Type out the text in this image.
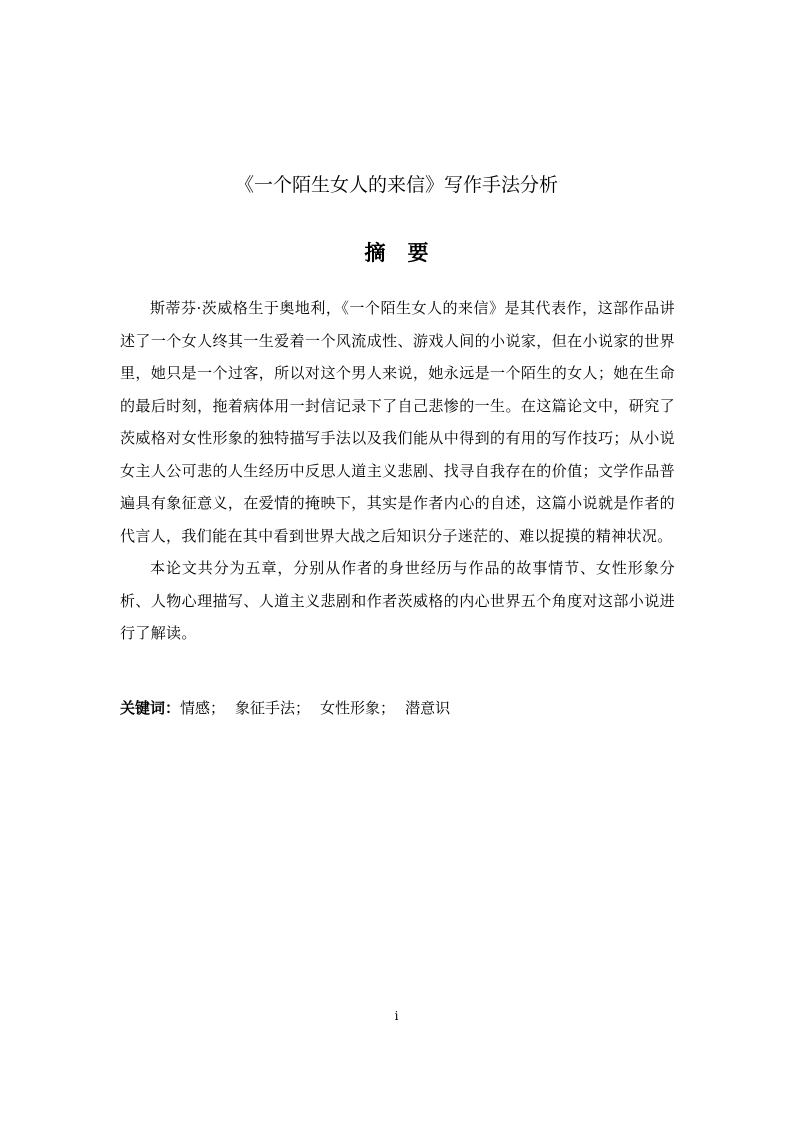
《一个陌生女人的来信》写作手法分析
摘 要

斯蒂芬·茨威格生于奥地利，《一个陌生女人的来信》是其代表作，这部作品讲述了一个女人终其一生爱着一个风流成性、游戏人间的小说家，但在小说家的世界里，她只是一个过客，所以对这个男人来说，她永远是一个陌生的女人；她在生命的最后时刻，拖着病体用一封信记录下了自己悲惨的一生。在这篇论文中，研究了茨威格对女性形象的独特描写手法以及我们能从中得到的有用的写作技巧；从小说女主人公可悲的人生经历中反思人道主义悲剧、找寻自我存在的价值；文学作品普遍具有象征意义，在爱情的掩映下，其实是作者内心的自述，这篇小说就是作者的代言人，我们能在其中看到世界大战之后知识分子迷茫的、难以捉摸的精神状况。

本论文共分为五章，分别从作者的身世经历与作品的故事情节、女性形象分析、人物心理描写、人道主义悲剧和作者茨威格的内心世界五个角度对这部小说进行了解读。

关键词：情感； 象征手法； 女性形象； 潜意识
i
